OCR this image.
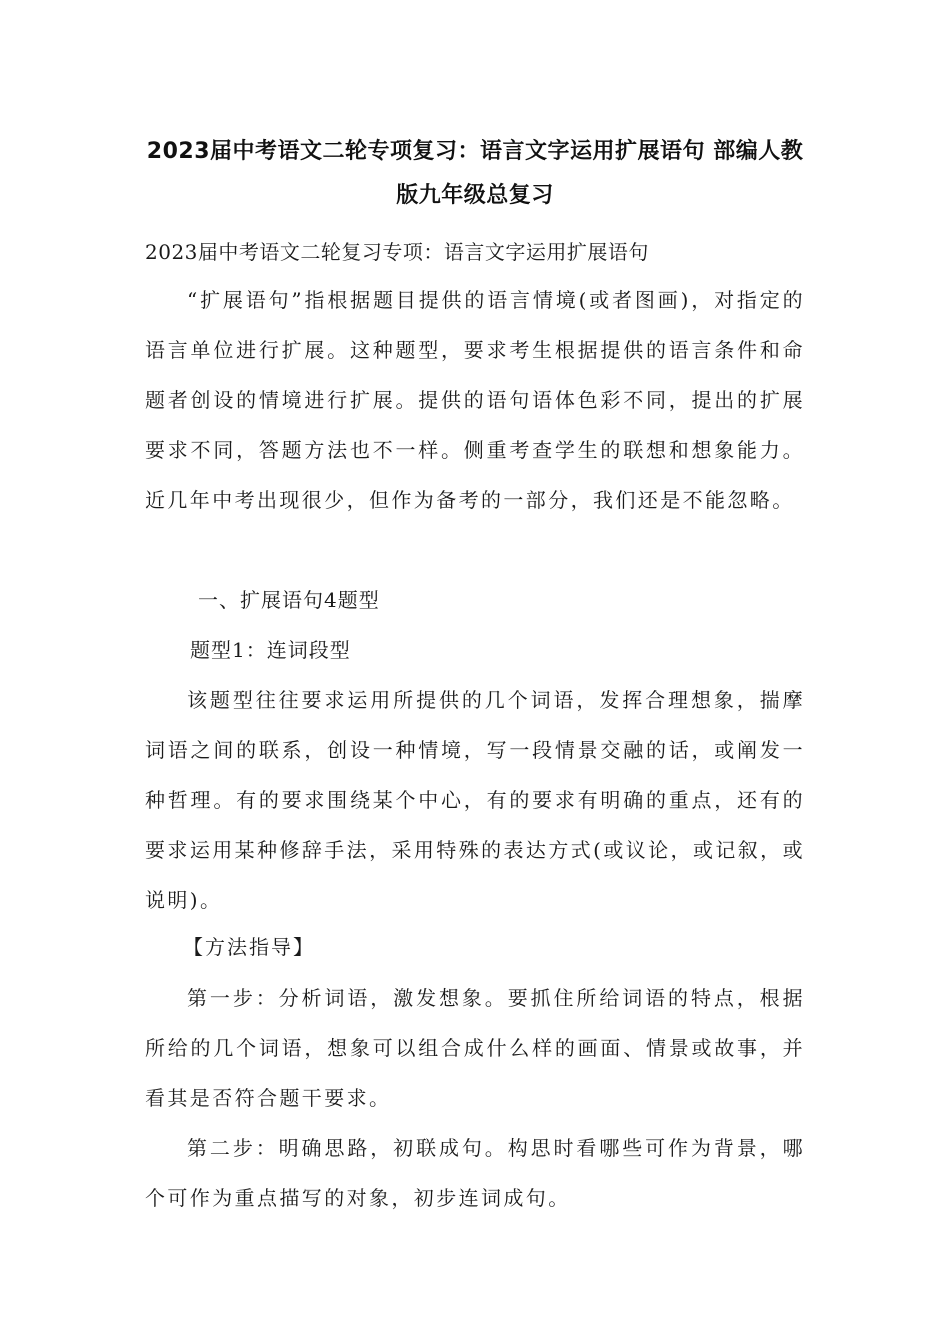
2023届中考语文二轮专项复习：语言文字运用扩展语句 部编人教版九年级总复习
2023届中考语文二轮复习专项：语言文字运用扩展语句
“扩展语句”指根据题目提供的语言情境(或者图画)，对指定的语言单位进行扩展。这种题型，要求考生根据提供的语言条件和命题者创设的情境进行扩展。提供的语句语体色彩不同，提出的扩展要求不同，答题方法也不一样。侧重考查学生的联想和想象能力。近几年中考出现很少，但作为备考的一部分，我们还是不能忽略。
一、扩展语句4题型
题型1：连词段型
该题型往往要求运用所提供的几个词语，发挥合理想象，揣摩词语之间的联系，创设一种情境，写一段情景交融的话，或阐发一种哲理。有的要求围绕某个中心，有的要求有明确的重点，还有的要求运用某种修辞手法，采用特殊的表达方式(或议论，或记叙，或说明)。
【方法指导】
第一步：分析词语，激发想象。要抓住所给词语的特点，根据所给的几个词语，想象可以组合成什么样的画面、情景或故事，并看其是否符合题干要求。
第二步：明确思路，初联成句。构思时看哪些可作为背景，哪个可作为重点描写的对象，初步连词成句。
